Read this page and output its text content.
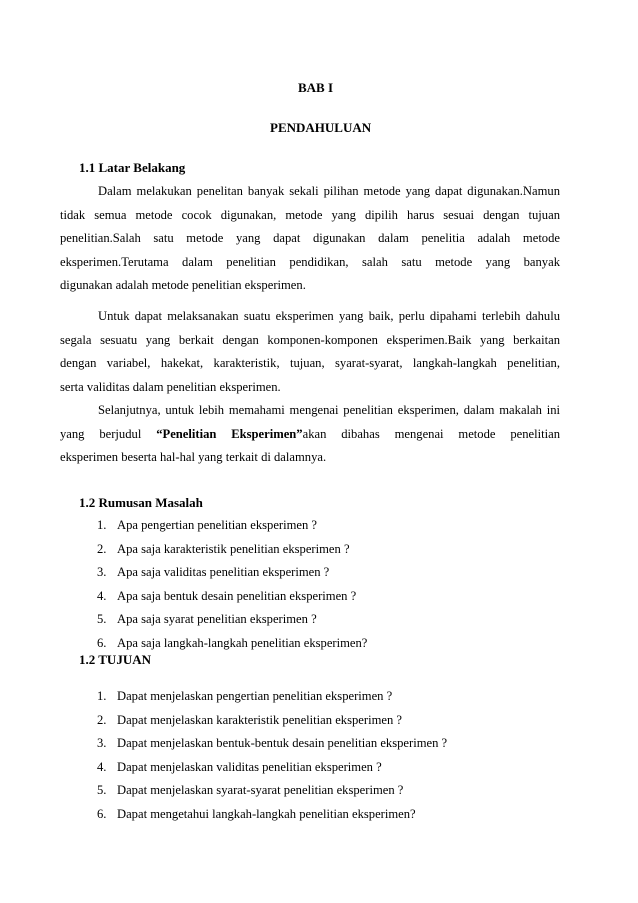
BAB I
PENDAHULUAN
1.1 Latar Belakang
Dalam melakukan penelitan banyak sekali pilihan metode yang dapat digunakan.Namun
tidak semua metode cocok digunakan, metode yang dipilih harus sesuai dengan tujuan
penelitian.Salah satu metode yang dapat digunakan dalam penelitia adalah metode
eksperimen.Terutama dalam penelitian pendidikan, salah satu metode yang banyak
digunakan adalah metode penelitian eksperimen.
Untuk dapat melaksanakan suatu eksperimen yang baik, perlu dipahami terlebih dahulu
segala sesuatu yang berkait dengan komponen-komponen eksperimen.Baik yang berkaitan
dengan variabel, hakekat, karakteristik, tujuan, syarat-syarat, langkah-langkah penelitian,
serta validitas dalam penelitian eksperimen.
Selanjutnya, untuk lebih memahami mengenai penelitian eksperimen, dalam makalah ini
yang berjudul “Penelitian Eksperimen”akan dibahas mengenai metode penelitian
eksperimen beserta hal-hal yang terkait di dalamnya.
1.2 Rumusan Masalah
1. Apa pengertian penelitian eksperimen ?
2. Apa saja karakteristik penelitian eksperimen ?
3. Apa saja validitas penelitian eksperimen ?
4. Apa saja bentuk desain penelitian eksperimen ?
5. Apa saja syarat penelitian eksperimen ?
6. Apa saja langkah-langkah penelitian eksperimen?
1.2 TUJUAN
1. Dapat menjelaskan pengertian penelitian eksperimen ?
2. Dapat menjelaskan karakteristik penelitian eksperimen ?
3. Dapat menjelaskan bentuk-bentuk desain penelitian eksperimen ?
4. Dapat menjelaskan validitas penelitian eksperimen ?
5. Dapat menjelaskan syarat-syarat penelitian eksperimen ?
6. Dapat mengetahui langkah-langkah penelitian eksperimen?
